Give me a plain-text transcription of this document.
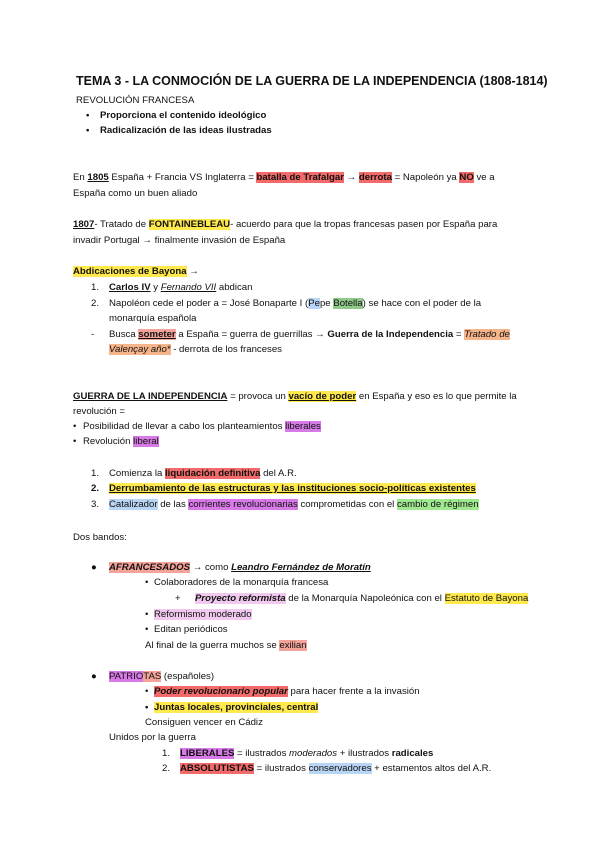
TEMA 3 - LA CONMOCIÓN DE LA GUERRA DE LA INDEPENDENCIA (1808-1814)
REVOLUCIÓN FRANCESA
• Proporciona el contenido ideológico
• Radicalización de las ideas ilustradas
En 1805 España + Francia VS Inglaterra = batalla de Trafalgar → derrota = Napoleón ya NO ve a
España como un buen aliado
1807- Tratado de FONTAINEBLEAU- acuerdo para que la tropas francesas pasen por España para
invadir Portugal → finalmente invasión de España
Abdicaciones de Bayona →
1. Carlos IV y Fernando VII abdican
2. Napoléon cede el poder a = José Bonaparte I (Pepe Botella) se hace con el poder de la
monarquía española
- Busca someter a España = guerra de guerrillas → Guerra de la Independencia = Tratado de
Valençay año* - derrota de los franceses
GUERRA DE LA INDEPENDENCIA = provoca un vacío de poder en España y eso es lo que permite la
revolución =
• Posibilidad de llevar a cabo los planteamientos liberales
• Revolución liberal
1. Comienza la liquidación definitiva del A.R.
2. Derrumbamiento de las estructuras y las instituciones socio-políticas existentes
3. Catalizador de las corrientes revolucionarias comprometidas con el cambio de régimen
Dos bandos:
● AFRANCESADOS → como Leandro Fernández de Moratín
• Colaboradores de la monarquía francesa
+ Proyecto reformista de la Monarquía Napoleónica con el Estatuto de Bayona
• Reformismo moderado
• Editan periódicos
Al final de la guerra muchos se exilian
● PATRIOTAS (españoles)
• Poder revolucionario popular para hacer frente a la invasión
• Juntas locales, provinciales, central
Consiguen vencer en Cádiz
Unidos por la guerra
1. LIBERALES = ilustrados moderados + ilustrados radicales
2. ABSOLUTISTAS = ilustrados conservadores + estamentos altos del A.R.
